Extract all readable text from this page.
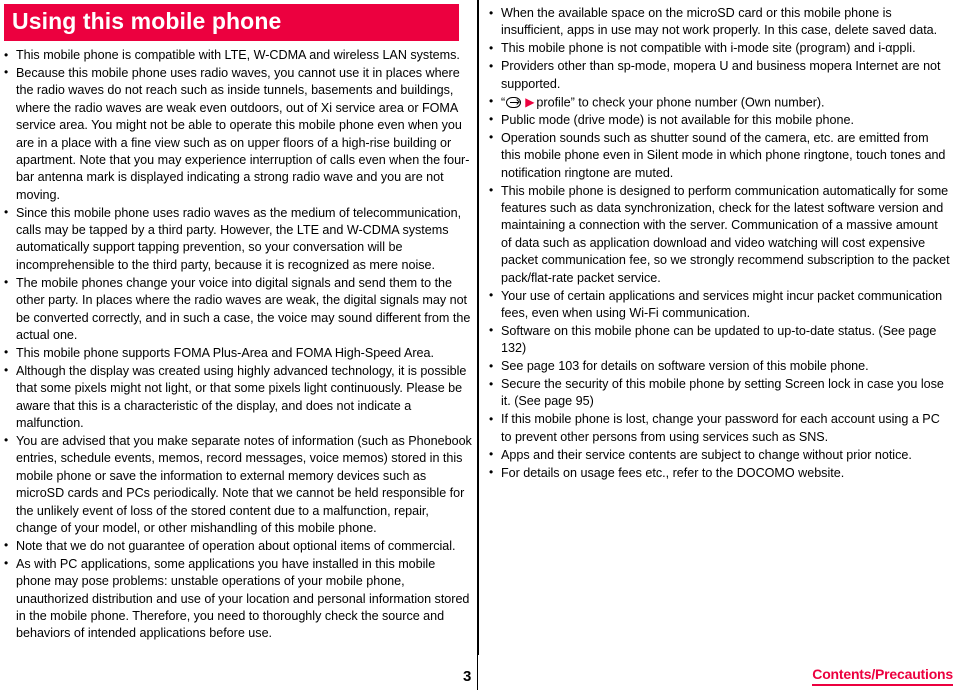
Using this mobile phone
• This mobile phone is compatible with LTE, W-CDMA and wireless LAN systems.
• Because this mobile phone uses radio waves, you cannot use it in places where the radio waves do not reach such as inside tunnels, basements and buildings, where the radio waves are weak even outdoors, out of Xi service area or FOMA service area. You might not be able to operate this mobile phone even when you are in a place with a fine view such as on upper floors of a high-rise building or apartment. Note that you may experience interruption of calls even when the four-bar antenna mark is displayed indicating a strong radio wave and you are not moving.
• Since this mobile phone uses radio waves as the medium of telecommunication, calls may be tapped by a third party. However, the LTE and W-CDMA systems automatically support tapping prevention, so your conversation will be incomprehensible to the third party, because it is recognized as mere noise.
• The mobile phones change your voice into digital signals and send them to the other party. In places where the radio waves are weak, the digital signals may not be converted correctly, and in such a case, the voice may sound different from the actual one.
• This mobile phone supports FOMA Plus-Area and FOMA High-Speed Area.
• Although the display was created using highly advanced technology, it is possible that some pixels might not light, or that some pixels light continuously. Please be aware that this is a characteristic of the display, and does not indicate a malfunction.
• You are advised that you make separate notes of information (such as Phonebook entries, schedule events, memos, record messages, voice memos) stored in this mobile phone or save the information to external memory devices such as microSD cards and PCs periodically. Note that we cannot be held responsible for the unlikely event of loss of the stored content due to a malfunction, repair, change of your model, or other mishandling of this mobile phone.
• Note that we do not guarantee of operation about optional items of commercial.
• As with PC applications, some applications you have installed in this mobile phone may pose problems: unstable operations of your mobile phone, unauthorized distribution and use of your location and personal information stored in the mobile phone. Therefore, you need to thoroughly check the source and behaviors of intended applications before use.
• When the available space on the microSD card or this mobile phone is insufficient, apps in use may not work properly. In this case, delete saved data.
• This mobile phone is not compatible with i-mode site (program) and i-αppli.
• Providers other than sp-mode, mopera U and business mopera Internet are not supported.
• “ ▶ profile” to check your phone number (Own number).
• Public mode (drive mode) is not available for this mobile phone.
• Operation sounds such as shutter sound of the camera, etc. are emitted from this mobile phone even in Silent mode in which phone ringtone, touch tones and notification ringtone are muted.
• This mobile phone is designed to perform communication automatically for some features such as data synchronization, check for the latest software version and maintaining a connection with the server. Communication of a massive amount of data such as application download and video watching will cost expensive packet communication fee, so we strongly recommend subscription to the packet pack/flat-rate packet service.
• Your use of certain applications and services might incur packet communication fees, even when using Wi-Fi communication.
• Software on this mobile phone can be updated to up-to-date status. (See page 132)
• See page 103 for details on software version of this mobile phone.
• Secure the security of this mobile phone by setting Screen lock in case you lose it. (See page 95)
• If this mobile phone is lost, change your password for each account using a PC to prevent other persons from using services such as SNS.
• Apps and their service contents are subject to change without prior notice.
• For details on usage fees etc., refer to the DOCOMO website.
3	Contents/Precautions
